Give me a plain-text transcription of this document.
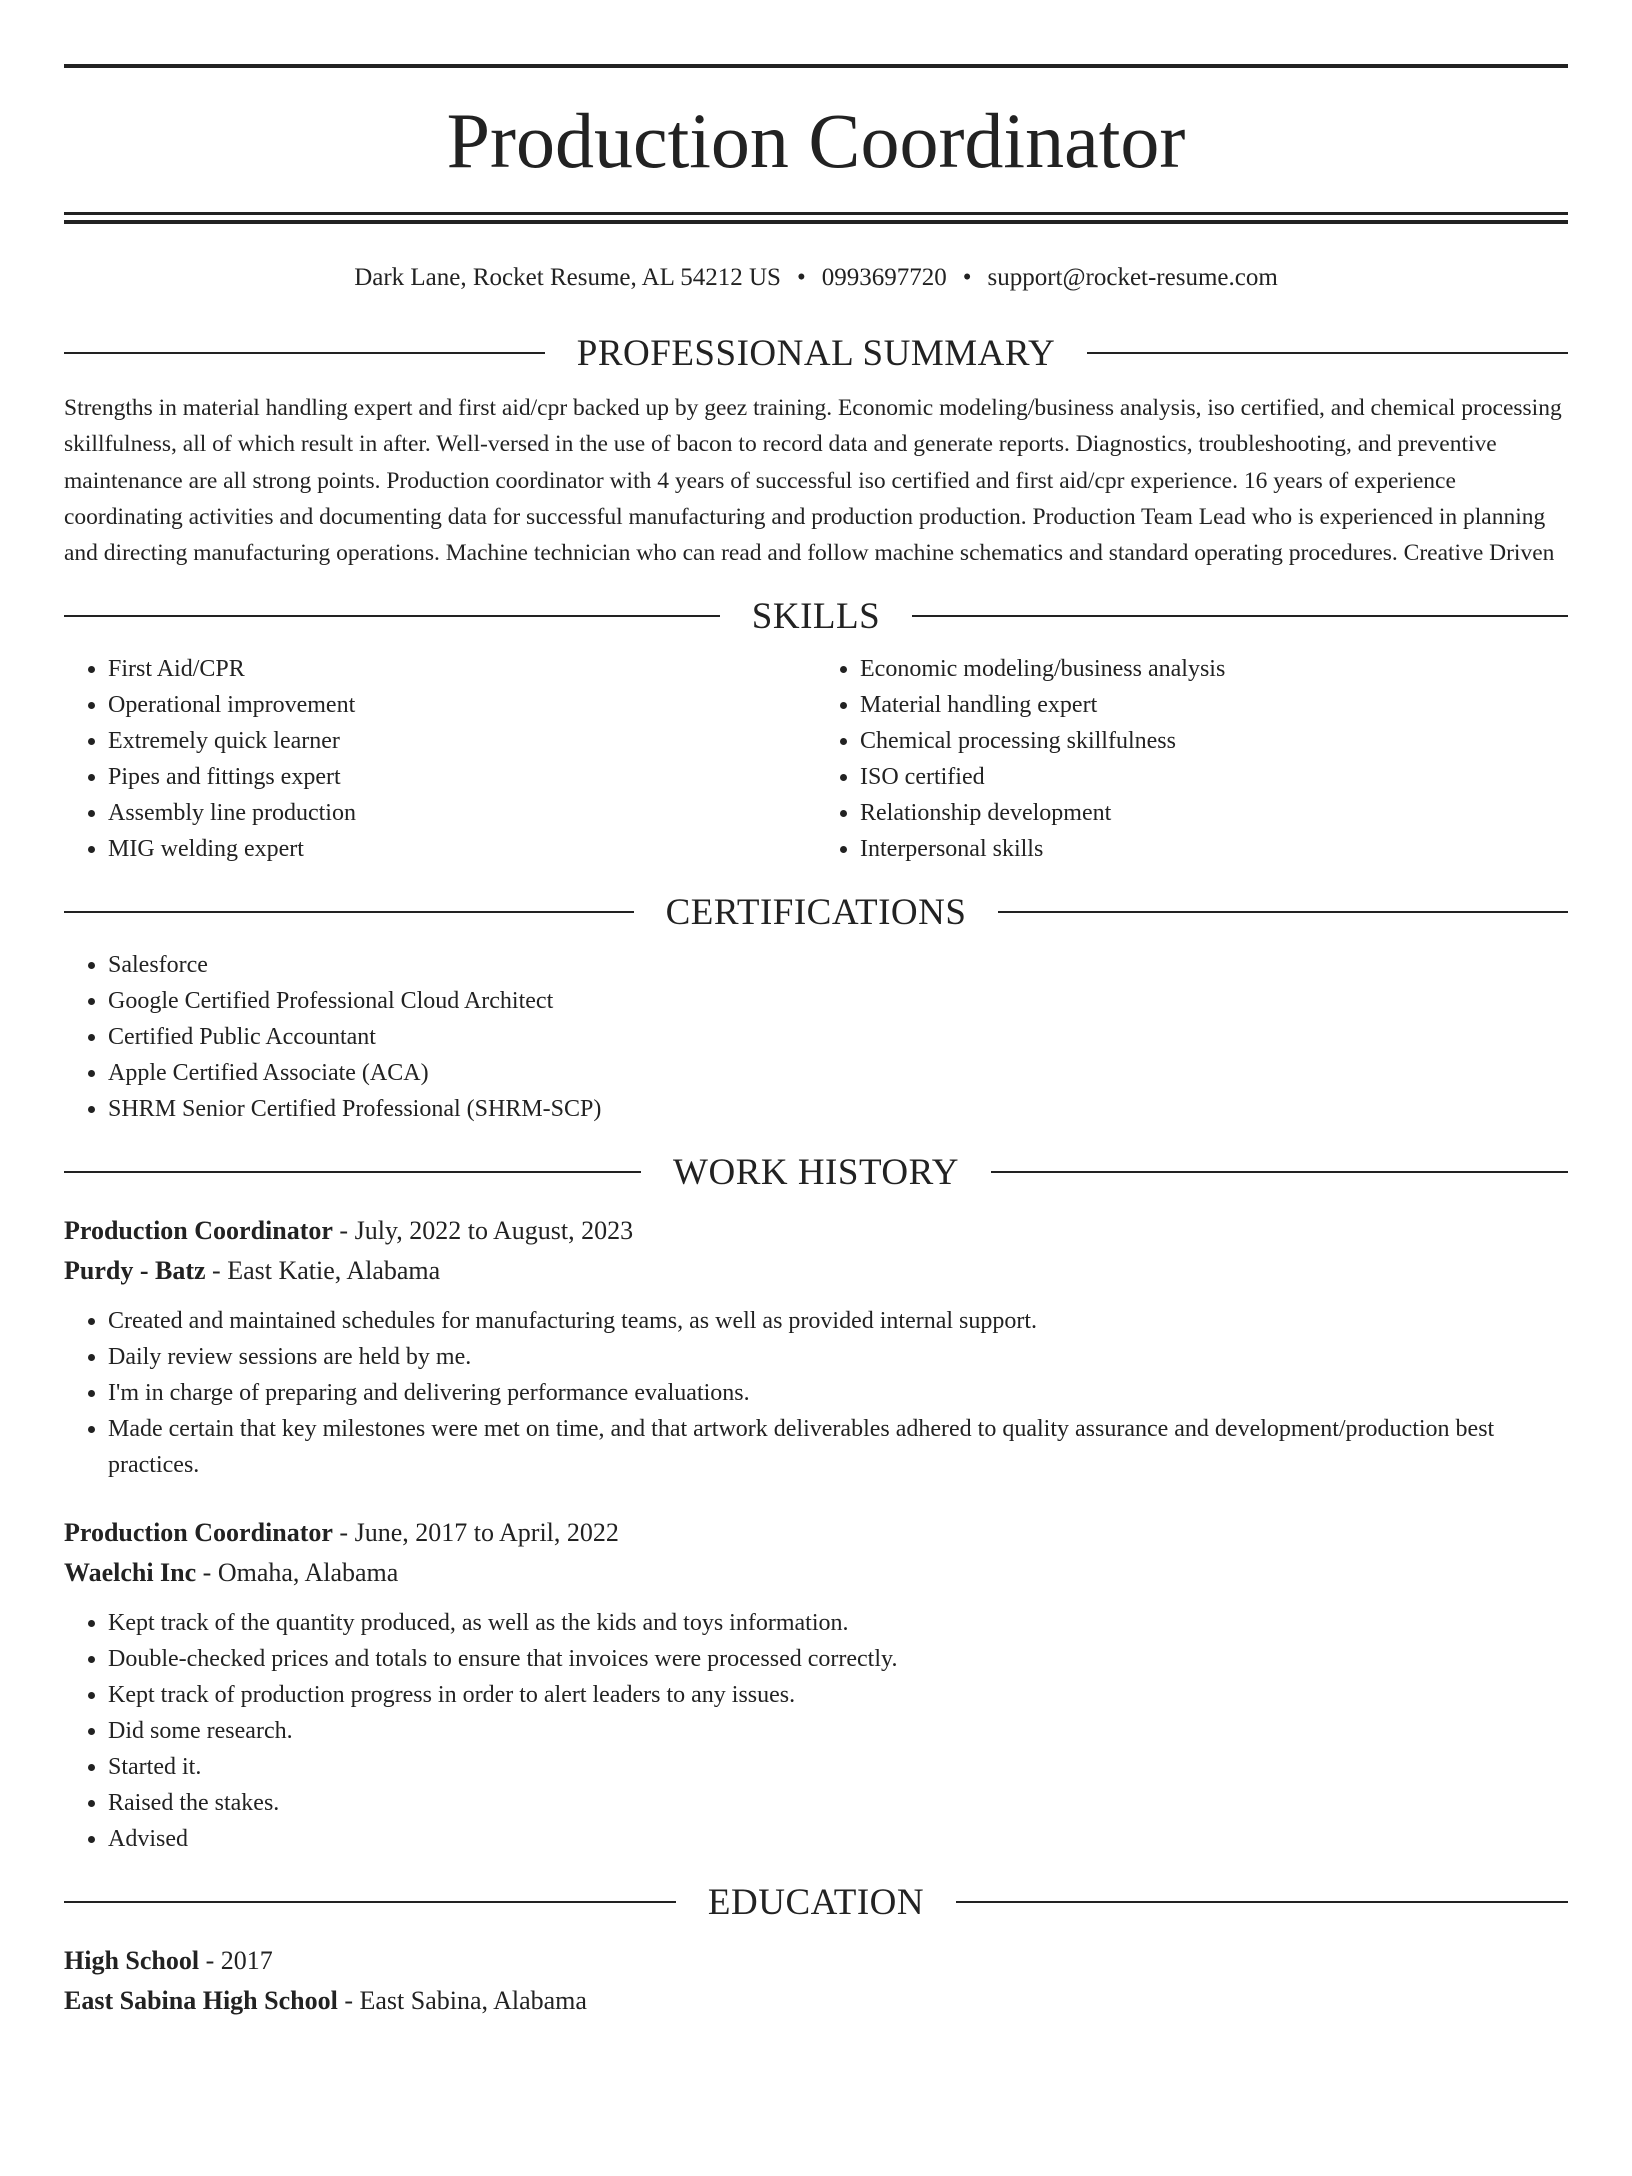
Production Coordinator
Dark Lane, Rocket Resume, AL 54212 US • 0993697720 • support@rocket-resume.com
PROFESSIONAL SUMMARY

Strengths in material handling expert and first aid/cpr backed up by geez training. Economic modeling/business analysis, iso certified, and chemical processing skillfulness, all of which result in after. Well-versed in the use of bacon to record data and generate reports. Diagnostics, troubleshooting, and preventive maintenance are all strong points. Production coordinator with 4 years of successful iso certified and first aid/cpr experience. 16 years of experience coordinating activities and documenting data for successful manufacturing and production production. Production Team Lead who is experienced in planning and directing manufacturing operations. Machine technician who can read and follow machine schematics and standard operating procedures. Creative Driven

SKILLS
• First Aid/CPR
• Operational improvement
• Extremely quick learner
• Pipes and fittings expert
• Assembly line production
• MIG welding expert
• Economic modeling/business analysis
• Material handling expert
• Chemical processing skillfulness
• ISO certified
• Relationship development
• Interpersonal skills
CERTIFICATIONS
• Salesforce
• Google Certified Professional Cloud Architect
• Certified Public Accountant
• Apple Certified Associate (ACA)
• SHRM Senior Certified Professional (SHRM-SCP)
WORK HISTORY
Production Coordinator - July, 2022 to August, 2023
Purdy - Batz - East Katie, Alabama
• Created and maintained schedules for manufacturing teams, as well as provided internal support.
• Daily review sessions are held by me.
• I'm in charge of preparing and delivering performance evaluations.
• Made certain that key milestones were met on time, and that artwork deliverables adhered to quality assurance and development/production best practices.
Production Coordinator - June, 2017 to April, 2022
Waelchi Inc - Omaha, Alabama
• Kept track of the quantity produced, as well as the kids and toys information.
• Double-checked prices and totals to ensure that invoices were processed correctly.
• Kept track of production progress in order to alert leaders to any issues.
• Did some research.
• Started it.
• Raised the stakes.
• Advised
EDUCATION
High School - 2017
East Sabina High School - East Sabina, Alabama
